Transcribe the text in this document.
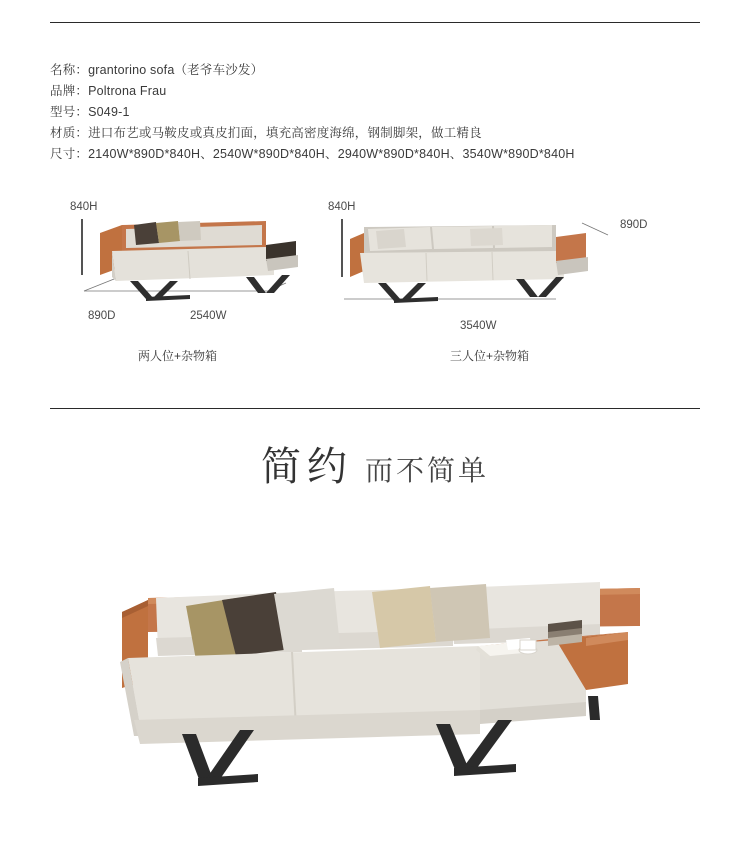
名称：grantorino sofa（老爷车沙发）
品牌：Poltrona Frau
型号：S049-1
材质：进口布艺或马鞍皮或真皮扪面，填充高密度海绵，钢制脚架，做工精良
尺寸：2140W*890D*840H、2540W*890D*840H、2940W*890D*840H、3540W*890D*840H
840H
890D	2540W
两人位+杂物箱
840H
890D
3540W
三人位+杂物箱
简约 而不简单
